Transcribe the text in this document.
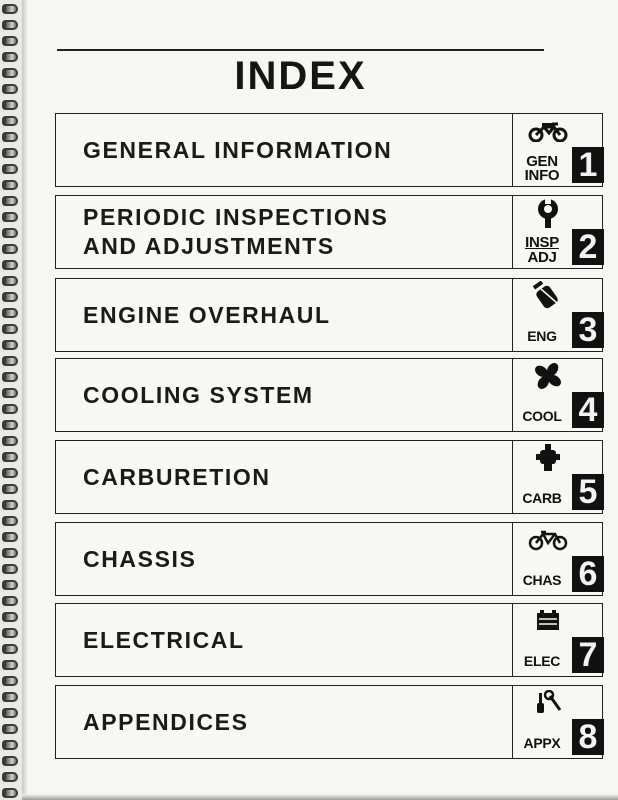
INDEX
GENERAL INFORMATION	GEN
INFO 1
PERIODIC INSPECTIONS
AND ADJUSTMENTS	INSP
ADJ 2
ENGINE OVERHAUL
ENG 3
COOLING SYSTEM
COOL 4
CARBURETION
CARB 5
CHASSIS
CHAS 6
ELECTRICAL
ELEC 7
APPENDICES
APPX 8
